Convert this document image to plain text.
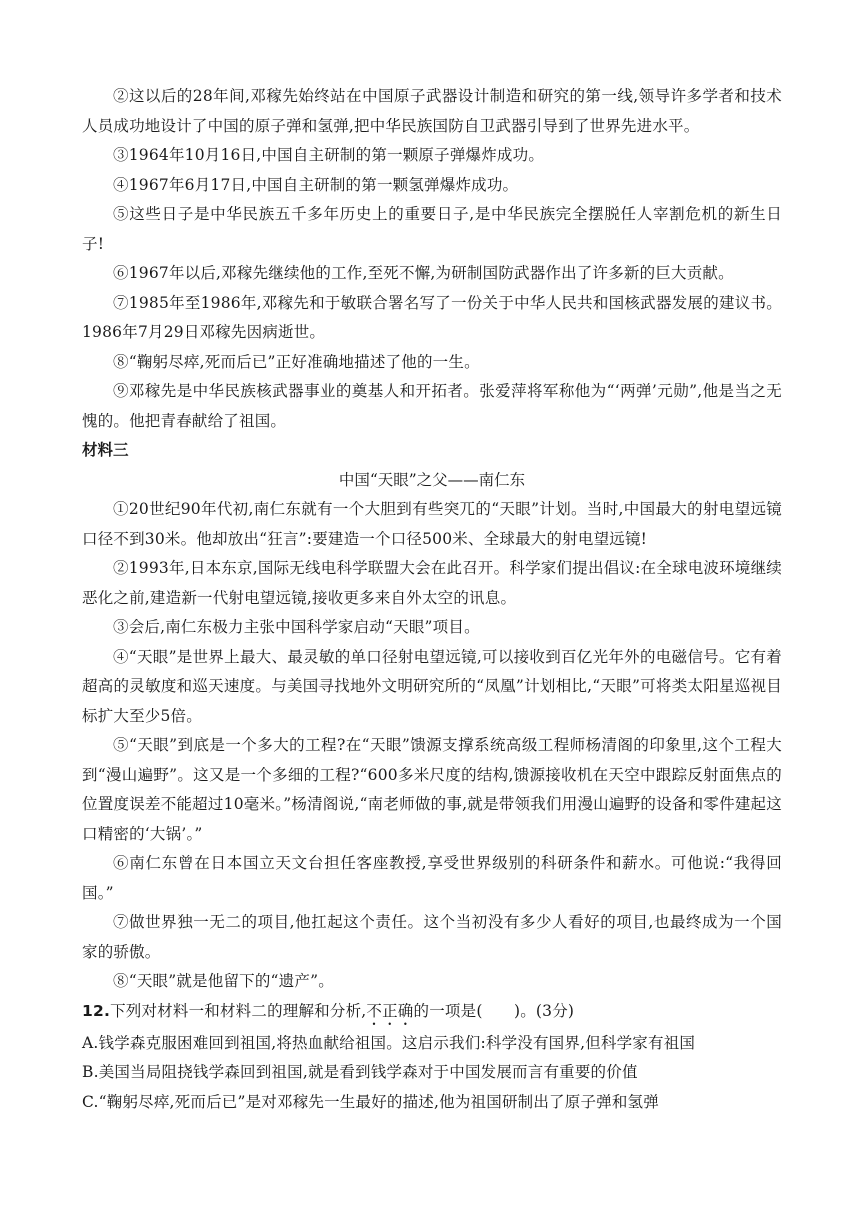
②这以后的28年间,邓稼先始终站在中国原子武器设计制造和研究的第一线,领导许多学者和技术人员成功地设计了中国的原子弹和氢弹,把中华民族国防自卫武器引导到了世界先进水平。

③1964年10月16日,中国自主研制的第一颗原子弹爆炸成功。

④1967年6月17日,中国自主研制的第一颗氢弹爆炸成功。

⑤这些日子是中华民族五千多年历史上的重要日子,是中华民族完全摆脱任人宰割危机的新生日子!

⑥1967年以后,邓稼先继续他的工作,至死不懈,为研制国防武器作出了许多新的巨大贡献。

⑦1985年至1986年,邓稼先和于敏联合署名写了一份关于中华人民共和国核武器发展的建议书。1986年7月29日邓稼先因病逝世。

⑧“鞠躬尽瘁,死而后已”正好准确地描述了他的一生。

⑨邓稼先是中华民族核武器事业的奠基人和开拓者。张爱萍将军称他为“‘两弹’元勋”,他是当之无愧的。他把青春献给了祖国。

材料三

中国“天眼”之父——南仁东

①20世纪90年代初,南仁东就有一个大胆到有些突兀的“天眼”计划。当时,中国最大的射电望远镜口径不到30米。他却放出“狂言”:要建造一个口径500米、全球最大的射电望远镜!

②1993年,日本东京,国际无线电科学联盟大会在此召开。科学家们提出倡议:在全球电波环境继续恶化之前,建造新一代射电望远镜,接收更多来自外太空的讯息。

③会后,南仁东极力主张中国科学家启动“天眼”项目。

④“天眼”是世界上最大、最灵敏的单口径射电望远镜,可以接收到百亿光年外的电磁信号。它有着超高的灵敏度和巡天速度。与美国寻找地外文明研究所的“凤凰”计划相比,“天眼”可将类太阳星巡视目标扩大至少5倍。

⑤“天眼”到底是一个多大的工程?在“天眼”馈源支撑系统高级工程师杨清阁的印象里,这个工程大到“漫山遍野”。这又是一个多细的工程?“600多米尺度的结构,馈源接收机在天空中跟踪反射面焦点的位置度误差不能超过10毫米。”杨清阁说,“南老师做的事,就是带领我们用漫山遍野的设备和零件建起这口精密的‘大锅’。”

⑥南仁东曾在日本国立天文台担任客座教授,享受世界级别的科研条件和薪水。可他说:“我得回国。”

⑦做世界独一无二的项目,他扛起这个责任。这个当初没有多少人看好的项目,也最终成为一个国家的骄傲。

⑧“天眼”就是他留下的“遗产”。

12.下列对材料一和材料二的理解和分析,不正确的一项是(　　)。(3分)

A.钱学森克服困难回到祖国,将热血献给祖国。这启示我们:科学没有国界,但科学家有祖国

B.美国当局阻挠钱学森回到祖国,就是看到钱学森对于中国发展而言有重要的价值

C.“鞠躬尽瘁,死而后已”是对邓稼先一生最好的描述,他为祖国研制出了原子弹和氢弹
